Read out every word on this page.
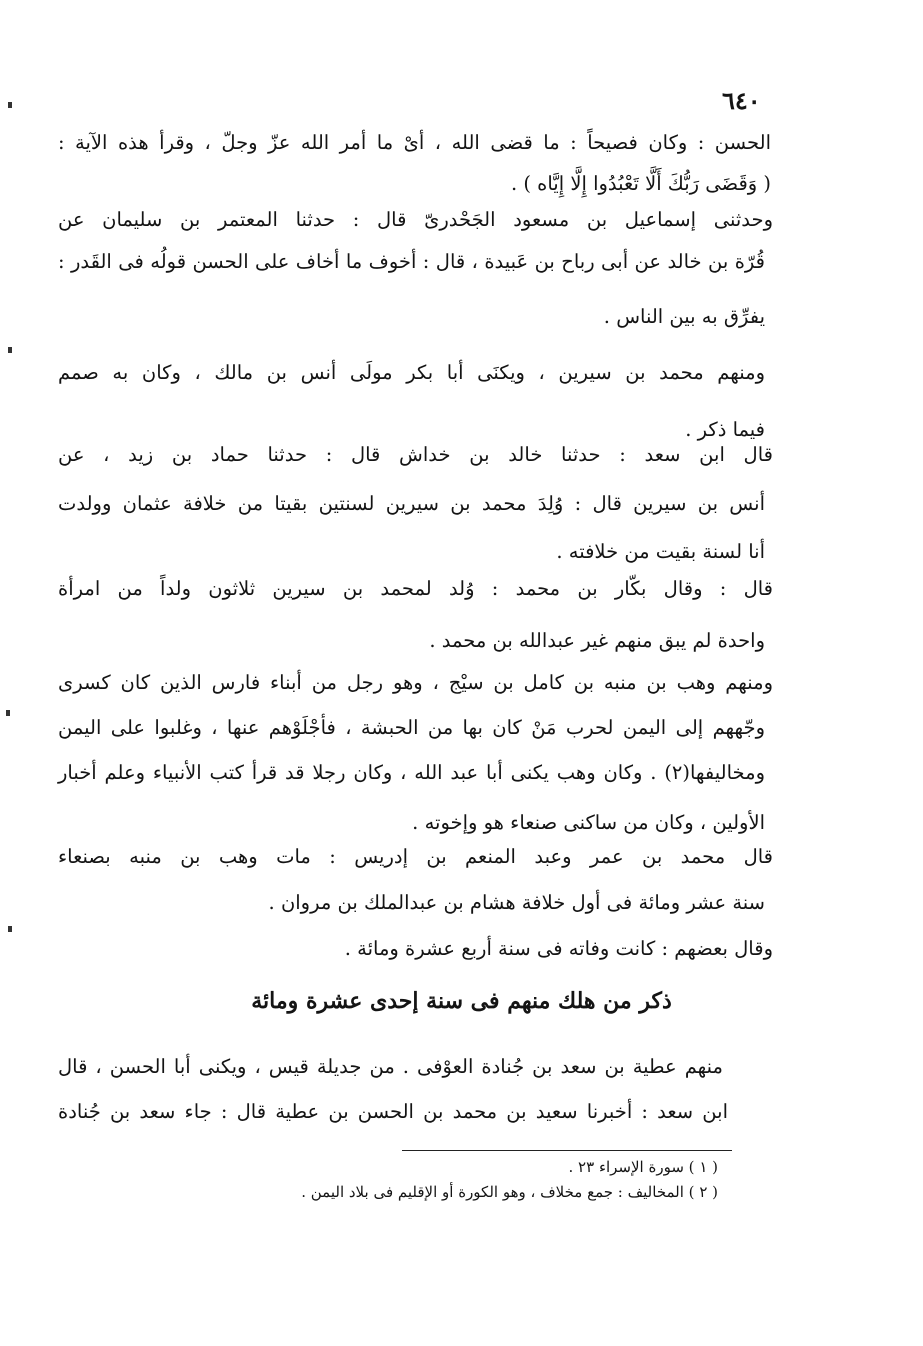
٦٤٠
الحسن : وكان فصيحاً : ما قضى الله ، أىْ ما أمر الله عزّ وجلّ ، وقرأ هذه الآية :
( وَقَضَى رَبُّكَ أَلَّا تَعْبُدُوا إِلَّا إِيَّاه ) .
وحدثنى إسماعيل بن مسعود الجَحْدرىّ قال : حدثنا المعتمر بن سليمان عن
قُرّة بن خالد عن أبى رباح بن عَبيدة ، قال : أخوف ما أخاف على الحسن قولُه فى القَدر :
يفرِّق به بين الناس .
ومنهم محمد بن سيرين ، ويكنَى أبا بكر مولَى أنس بن مالك ، وكان به صمم
فيما ذكر .
قال ابن سعد : حدثنا خالد بن خداش قال : حدثنا حماد بن زيد ، عن
أنس بن سيرين قال : وُلِدَ محمد بن سيرين لسنتين بقيتا من خلافة عثمان وولدت
أنا لسنة بقيت من خلافته .
قال : وقال بكّار بن محمد : وُلد لمحمد بن سيرين ثلاثون ولداً من امرأة
واحدة لم يبق منهم غير عبدالله بن محمد .
ومنهم وهب بن منبه بن كامل بن سيْج ، وهو رجل من أبناء فارس الذين كان كسرى
وجّههم إلى اليمن لحرب مَنْ كان بها من الحبشة ، فأجْلَوْهم عنها ، وغلبوا على اليمن
ومخاليفها(٢) . وكان وهب يكنى أبا عبد الله ، وكان رجلا قد قرأ كتب الأنبياء وعلم أخبار
الأولين ، وكان من ساكنى صنعاء هو وإخوته .
قال محمد بن عمر وعبد المنعم بن إدريس : مات وهب بن منبه بصنعاء
سنة عشر ومائة فى أول خلافة هشام بن عبدالملك بن مروان .
وقال بعضهم : كانت وفاته فى سنة أربع عشرة ومائة .
ذكر من هلك منهم فى سنة إحدى عشرة ومائة
منهم عطية بن سعد بن جُنادة العوْفى . من جديلة قيس ، ويكنى أبا الحسن ، قال
ابن سعد : أخبرنا سعيد بن محمد بن الحسن بن عطية قال : جاء سعد بن جُنادة
( ١ ) سورة الإسراء ٢٣ .
( ٢ ) المخاليف : جمع مخلاف ، وهو الكورة أو الإقليم فى بلاد اليمن .
